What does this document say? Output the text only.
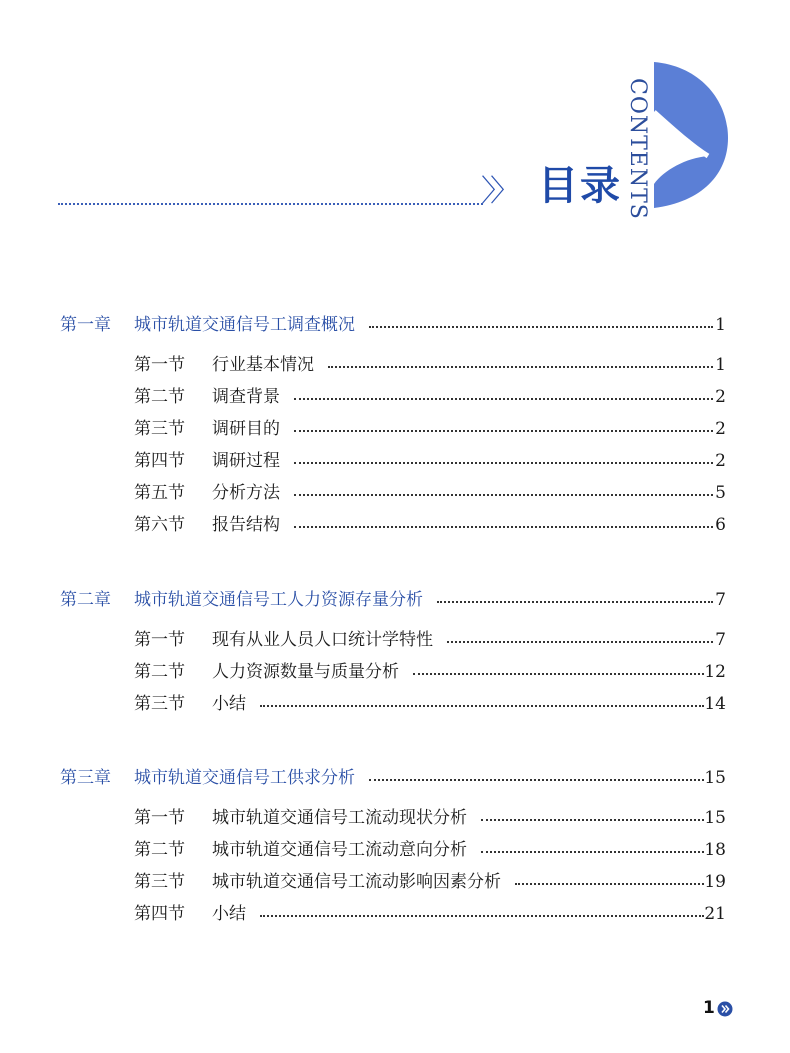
〉〉 目录 CONTENTS
第一章 城市轨道交通信号工调查概况	1
第一节 行业基本情况	1
第二节 调查背景	2
第三节 调研目的	2
第四节 调研过程	2
第五节 分析方法	5
第六节 报告结构	6
第二章 城市轨道交通信号工人力资源存量分析	7
第一节 现有从业人员人口统计学特性	7
第二节 人力资源数量与质量分析	12
第三节 小结	14
第三章 城市轨道交通信号工供求分析	15
第一节 城市轨道交通信号工流动现状分析	15
第二节 城市轨道交通信号工流动意向分析	18
第三节 城市轨道交通信号工流动影响因素分析	19
第四节 小结	21
1
